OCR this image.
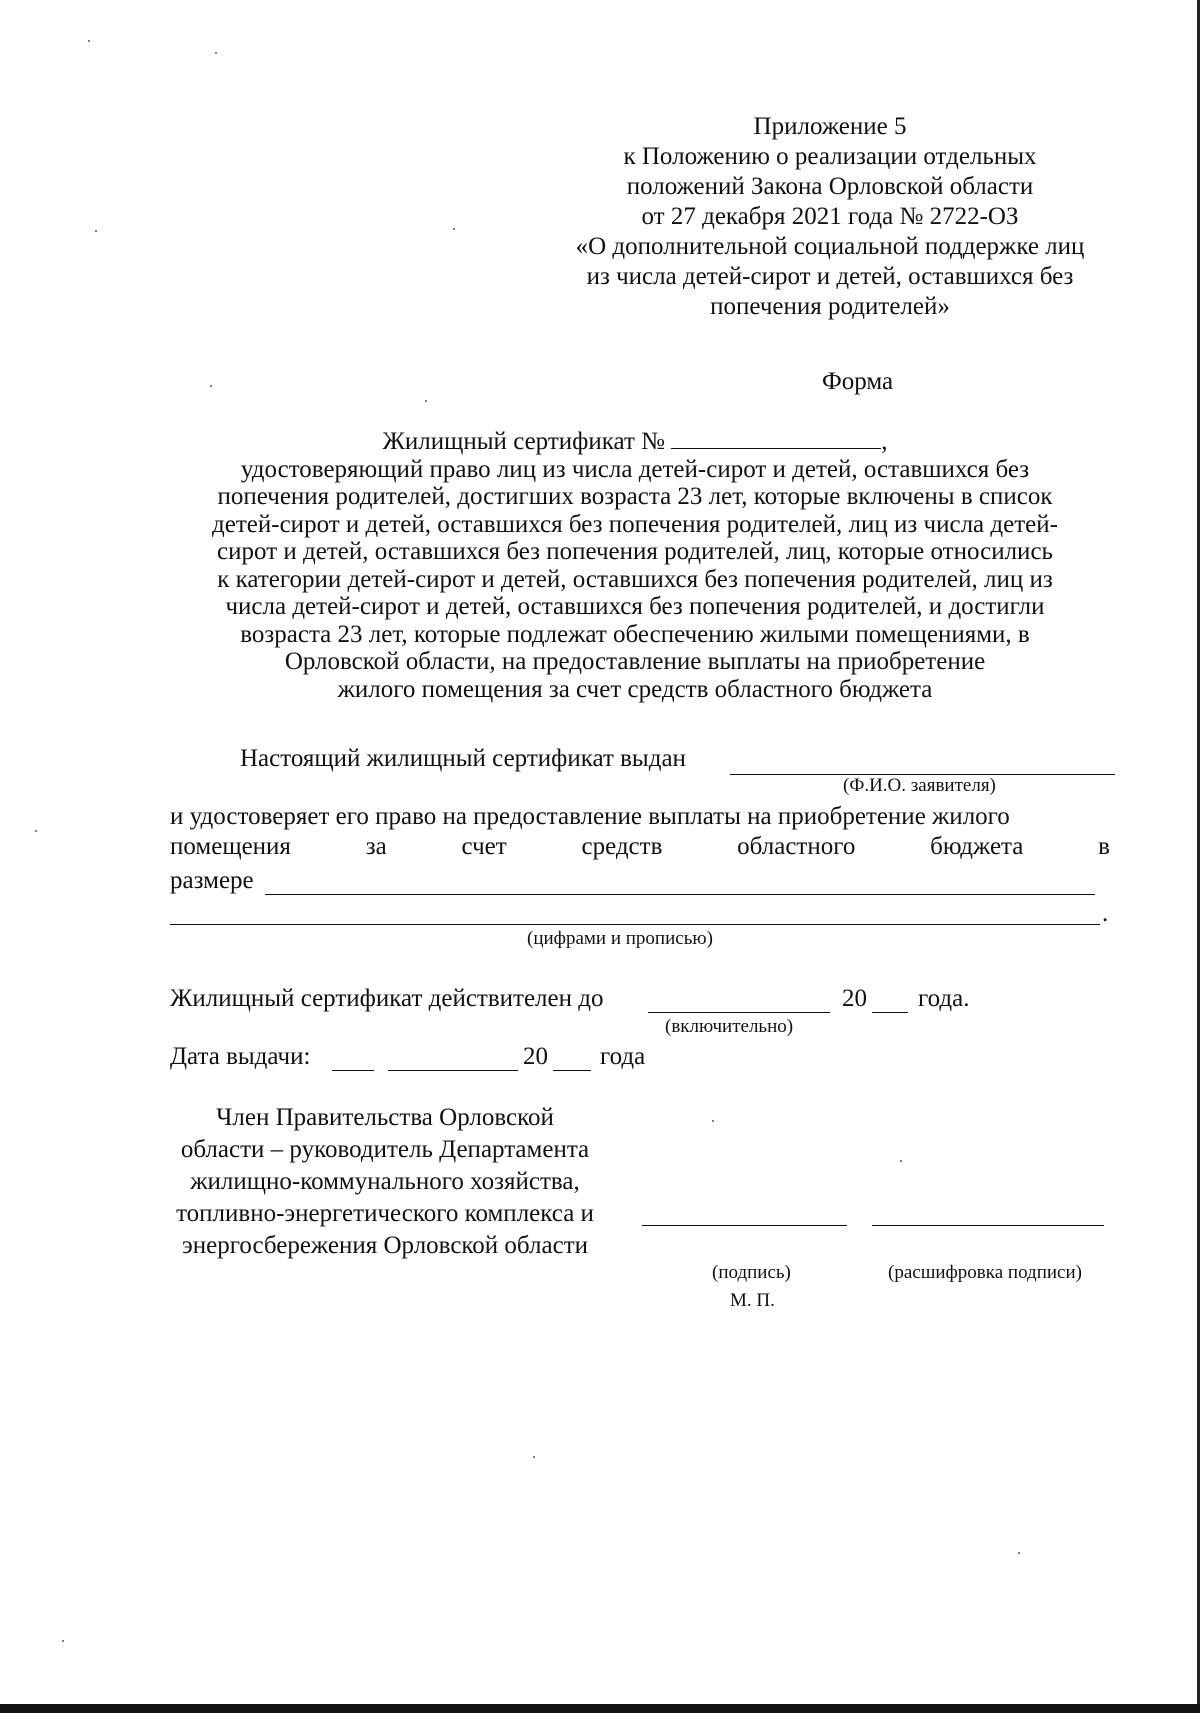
Приложение 5
к Положению о реализации отдельных
положений Закона Орловской области
от 27 декабря 2021 года № 2722-ОЗ
«О дополнительной социальной поддержке лиц
из числа детей-сирот и детей, оставшихся без
попечения родителей»
Форма
Жилищный сертификат №	,
удостоверяющий право лиц из числа детей-сирот и детей, оставшихся без
попечения родителей, достигших возраста 23 лет, которые включены в список
детей-сирот и детей, оставшихся без попечения родителей, лиц из числа детей-
сирот и детей, оставшихся без попечения родителей, лиц, которые относились
к категории детей-сирот и детей, оставшихся без попечения родителей, лиц из
числа детей-сирот и детей, оставшихся без попечения родителей, и достигли
возраста 23 лет, которые подлежат обеспечению жилыми помещениями, в
Орловской области, на предоставление выплаты на приобретение
жилого помещения за счет средств областного бюджета
Настоящий жилищный сертификат выдан
(Ф.И.О. заявителя)
и удостоверяет его право на предоставление выплаты на приобретение жилого
помещения	за	счет	средств	областного	бюджета	в
размере
.
(цифрами и прописью)
Жилищный сертификат действителен до	20 года.
(включительно)
Дата выдачи:	20 года
Член Правительства Орловской
области – руководитель Департамента
жилищно-коммунального хозяйства,
топливно-энергетического комплекса и
энергосбережения Орловской области
(подпись)	(расшифровка подписи)
М. П.
